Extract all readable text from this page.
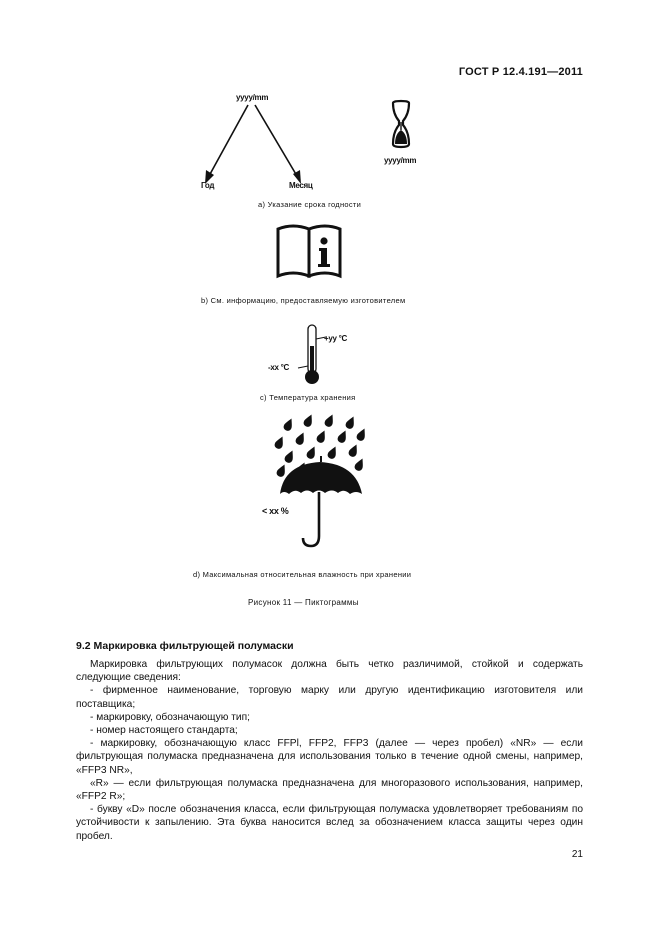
ГОСТ Р 12.4.191—2011
yyyy/mm
Год	Месяц
yyyy/mm
a) Указание срока годности
b) См. информацию, предоставляемую изготовителем
+yy °C
-xx °C
c) Температура хранения
< xx %
d) Максимальная относительная влажность при хранении
Рисунок 11 — Пиктограммы
9.2 Маркировка фильтрующей полумаски

Маркировка фильтрующих полумасок должна быть четко различимой, стойкой и содержать следующие сведения:

- фирменное наименование, торговую марку или другую идентификацию изготовителя или поставщика;

- маркировку, обозначающую тип;

- номер настоящего стандарта;

- маркировку, обозначающую класс FFPl, FFP2, FFP3 (далее — через пробел) «NR» — если фильтрующая полумаска предназначена для использования только в течение одной смены, например, «FFP3 NR»,

«R» — если фильтрующая полумаска предназначена для многоразового использования, например, «FFP2 R»;

- букву «D» после обозначения класса, если фильтрующая полумаска удовлетворяет требованиям по устойчивости к запылению. Эта буква наносится вслед за обозначением класса защиты через один пробел.

21
